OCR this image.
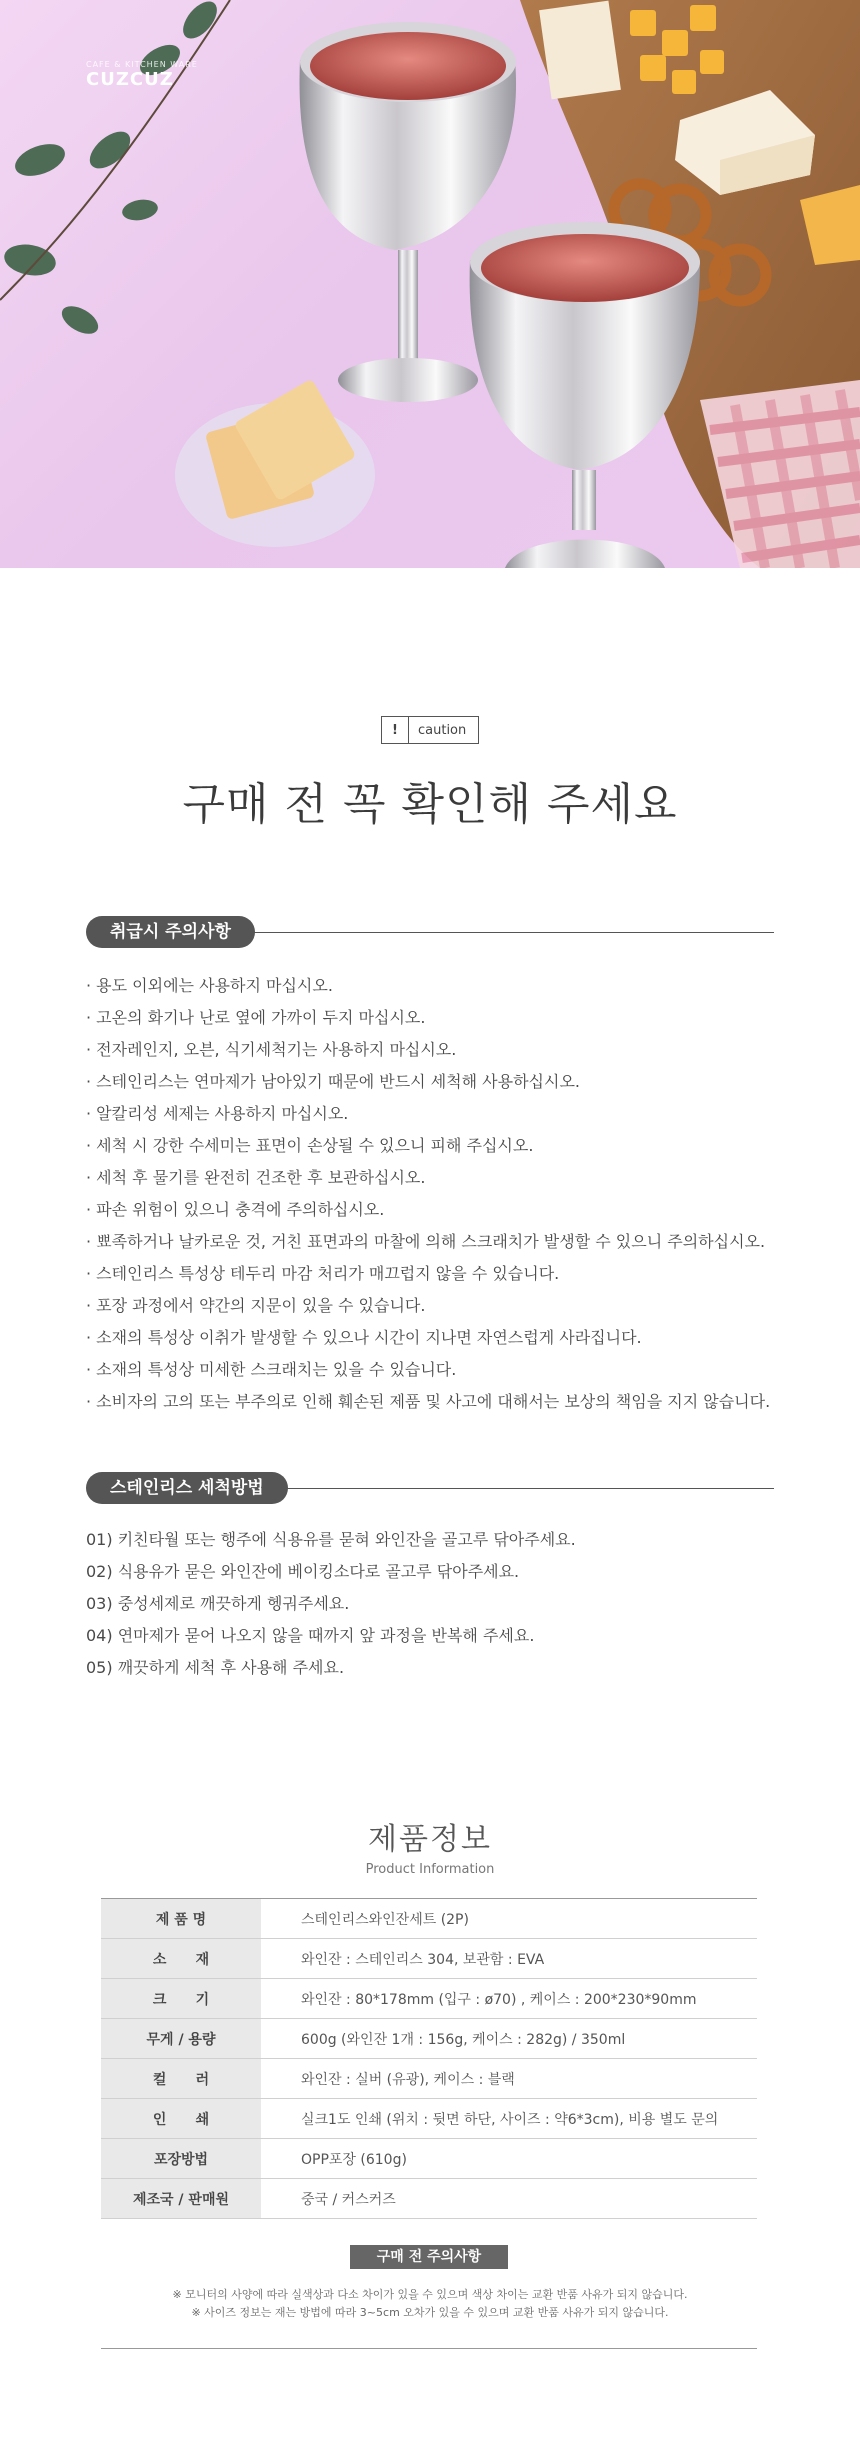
CAFE & KITCHEN WARE
CUZCUZ
!	caution
구매 전 꼭 확인해 주세요
취급시 주의사항
· 용도 이외에는 사용하지 마십시오.
· 고온의 화기나 난로 옆에 가까이 두지 마십시오.
· 전자레인지, 오븐, 식기세척기는 사용하지 마십시오.
· 스테인리스는 연마제가 남아있기 때문에 반드시 세척해 사용하십시오.
· 알칼리성 세제는 사용하지 마십시오.
· 세척 시 강한 수세미는 표면이 손상될 수 있으니 피해 주십시오.
· 세척 후 물기를 완전히 건조한 후 보관하십시오.
· 파손 위험이 있으니 충격에 주의하십시오.
· 뾰족하거나 날카로운 것, 거친 표면과의 마찰에 의해 스크래치가 발생할 수 있으니 주의하십시오.
· 스테인리스 특성상 테두리 마감 처리가 매끄럽지 않을 수 있습니다.
· 포장 과정에서 약간의 지문이 있을 수 있습니다.
· 소재의 특성상 이취가 발생할 수 있으나 시간이 지나면 자연스럽게 사라집니다.
· 소재의 특성상 미세한 스크래치는 있을 수 있습니다.
· 소비자의 고의 또는 부주의로 인해 훼손된 제품 및 사고에 대해서는 보상의 책임을 지지 않습니다.
스테인리스 세척방법
01) 키친타월 또는 행주에 식용유를 묻혀 와인잔을 골고루 닦아주세요.
02) 식용유가 묻은 와인잔에 베이킹소다로 골고루 닦아주세요.
03) 중성세제로 깨끗하게 헹궈주세요.
04) 연마제가 묻어 나오지 않을 때까지 앞 과정을 반복해 주세요.
05) 깨끗하게 세척 후 사용해 주세요.
제품정보
Product Information
제 품 명	스테인리스와인잔세트 (2P)
소      재	와인잔 : 스테인리스 304, 보관함 : EVA
크      기	와인잔 : 80*178mm (입구 : ø70) , 케이스 : 200*230*90mm
무게 / 용량	600g (와인잔 1개 : 156g, 케이스 : 282g) / 350ml
컬      러	와인잔 : 실버 (유광), 케이스 : 블랙
인      쇄	실크1도 인쇄 (위치 : 뒷면 하단, 사이즈 : 약6*3cm), 비용 별도 문의
포장방법	OPP포장 (610g)
제조국 / 판매원	중국 / 커스커즈
구매 전 주의사항
※ 모니터의 사양에 따라 실색상과 다소 차이가 있을 수 있으며 색상 차이는 교환 반품 사유가 되지 않습니다.
※ 사이즈 정보는 재는 방법에 따라 3~5cm 오차가 있을 수 있으며 교환 반품 사유가 되지 않습니다.
